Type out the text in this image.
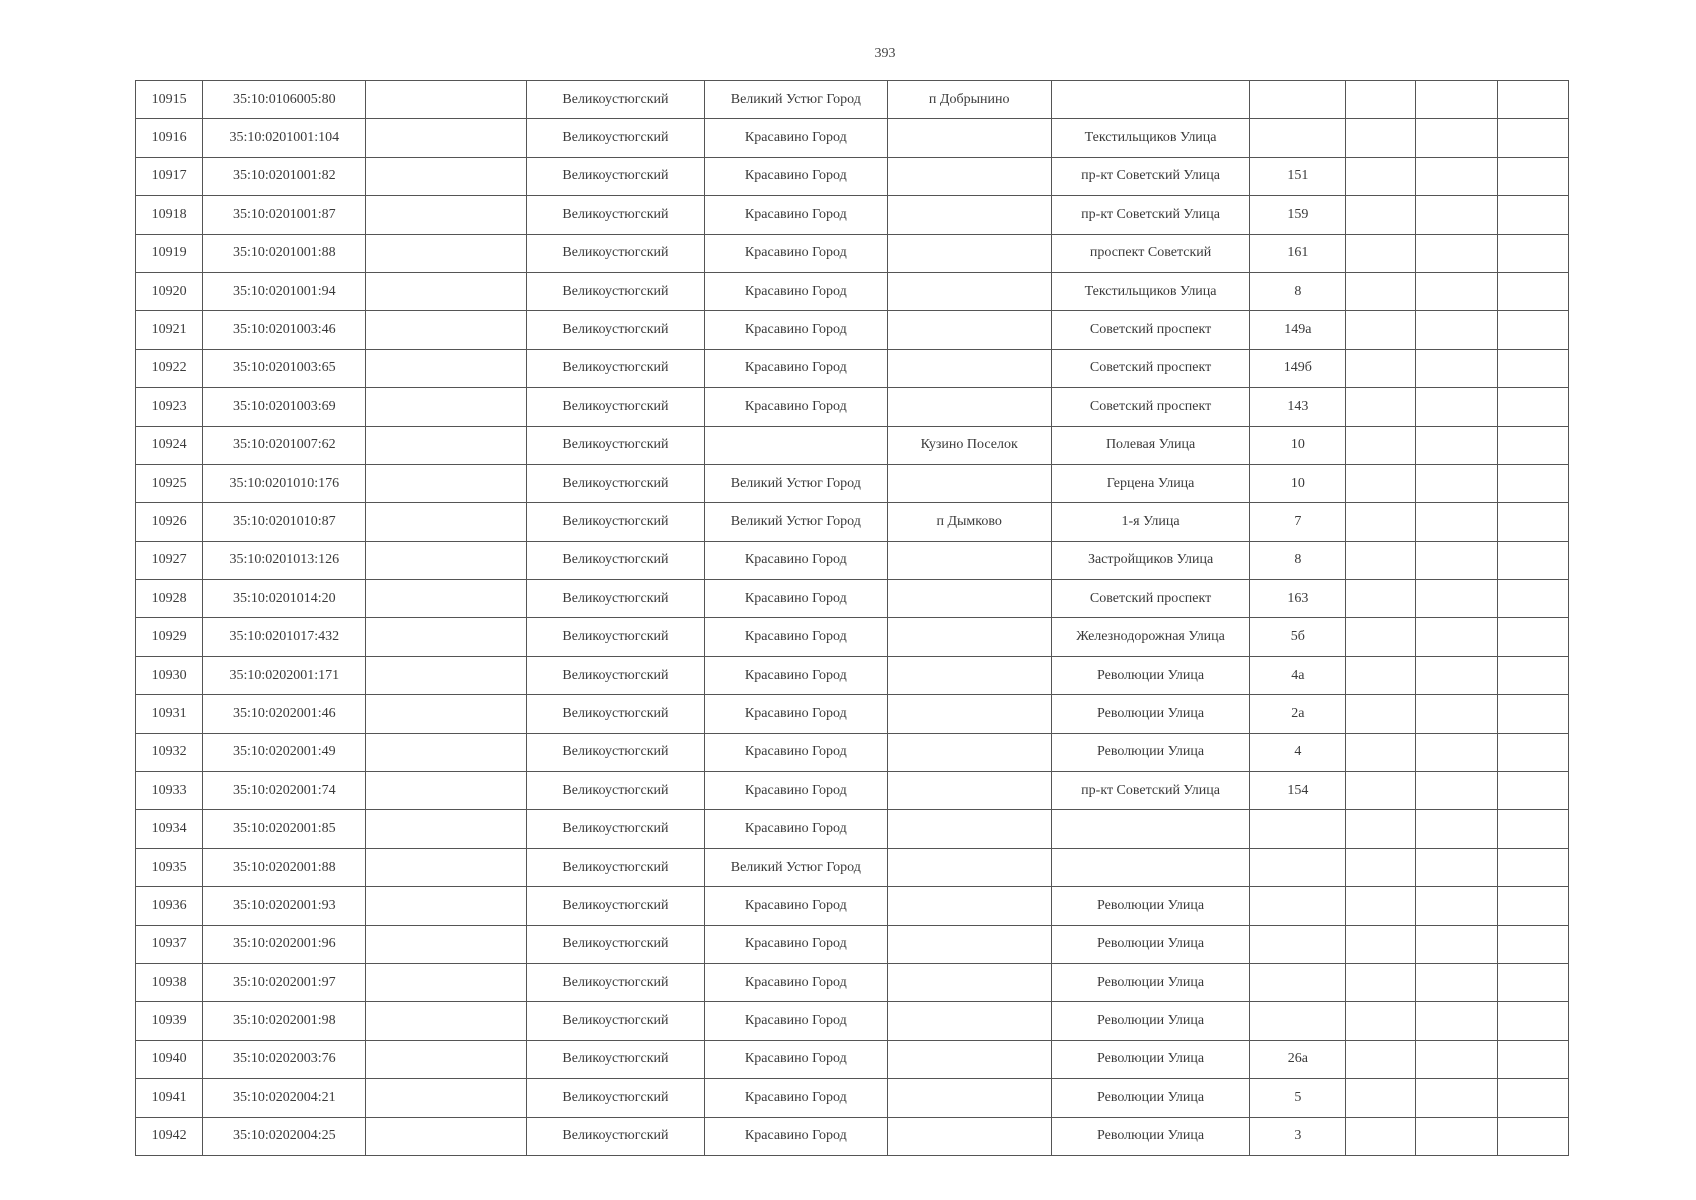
393
10915	35:10:0106005:80		Великоустюгский	Великий Устюг Город	п Добрынино					
10916	35:10:0201001:104		Великоустюгский	Красавино Город		Текстильщиков Улица				
10917	35:10:0201001:82		Великоустюгский	Красавино Город		пр-кт Советский Улица	151			
10918	35:10:0201001:87		Великоустюгский	Красавино Город		пр-кт Советский Улица	159			
10919	35:10:0201001:88		Великоустюгский	Красавино Город		проспект Советский	161			
10920	35:10:0201001:94		Великоустюгский	Красавино Город		Текстильщиков Улица	8			
10921	35:10:0201003:46		Великоустюгский	Красавино Город		Советский проспект	149а			
10922	35:10:0201003:65		Великоустюгский	Красавино Город		Советский проспект	149б			
10923	35:10:0201003:69		Великоустюгский	Красавино Город		Советский проспект	143			
10924	35:10:0201007:62		Великоустюгский		Кузино Поселок	Полевая Улица	10			
10925	35:10:0201010:176		Великоустюгский	Великий Устюг Город		Герцена Улица	10			
10926	35:10:0201010:87		Великоустюгский	Великий Устюг Город	п Дымково	1-я Улица	7			
10927	35:10:0201013:126		Великоустюгский	Красавино Город		Застройщиков Улица	8			
10928	35:10:0201014:20		Великоустюгский	Красавино Город		Советский проспект	163			
10929	35:10:0201017:432		Великоустюгский	Красавино Город		Железнодорожная Улица	5б			
10930	35:10:0202001:171		Великоустюгский	Красавино Город		Революции Улица	4а			
10931	35:10:0202001:46		Великоустюгский	Красавино Город		Революции Улица	2а			
10932	35:10:0202001:49		Великоустюгский	Красавино Город		Революции Улица	4			
10933	35:10:0202001:74		Великоустюгский	Красавино Город		пр-кт Советский Улица	154			
10934	35:10:0202001:85		Великоустюгский	Красавино Город						
10935	35:10:0202001:88		Великоустюгский	Великий Устюг Город						
10936	35:10:0202001:93		Великоустюгский	Красавино Город		Революции Улица				
10937	35:10:0202001:96		Великоустюгский	Красавино Город		Революции Улица				
10938	35:10:0202001:97		Великоустюгский	Красавино Город		Революции Улица				
10939	35:10:0202001:98		Великоустюгский	Красавино Город		Революции Улица				
10940	35:10:0202003:76		Великоустюгский	Красавино Город		Революции Улица	26а			
10941	35:10:0202004:21		Великоустюгский	Красавино Город		Революции Улица	5			
10942	35:10:0202004:25		Великоустюгский	Красавино Город		Революции Улица	3			
